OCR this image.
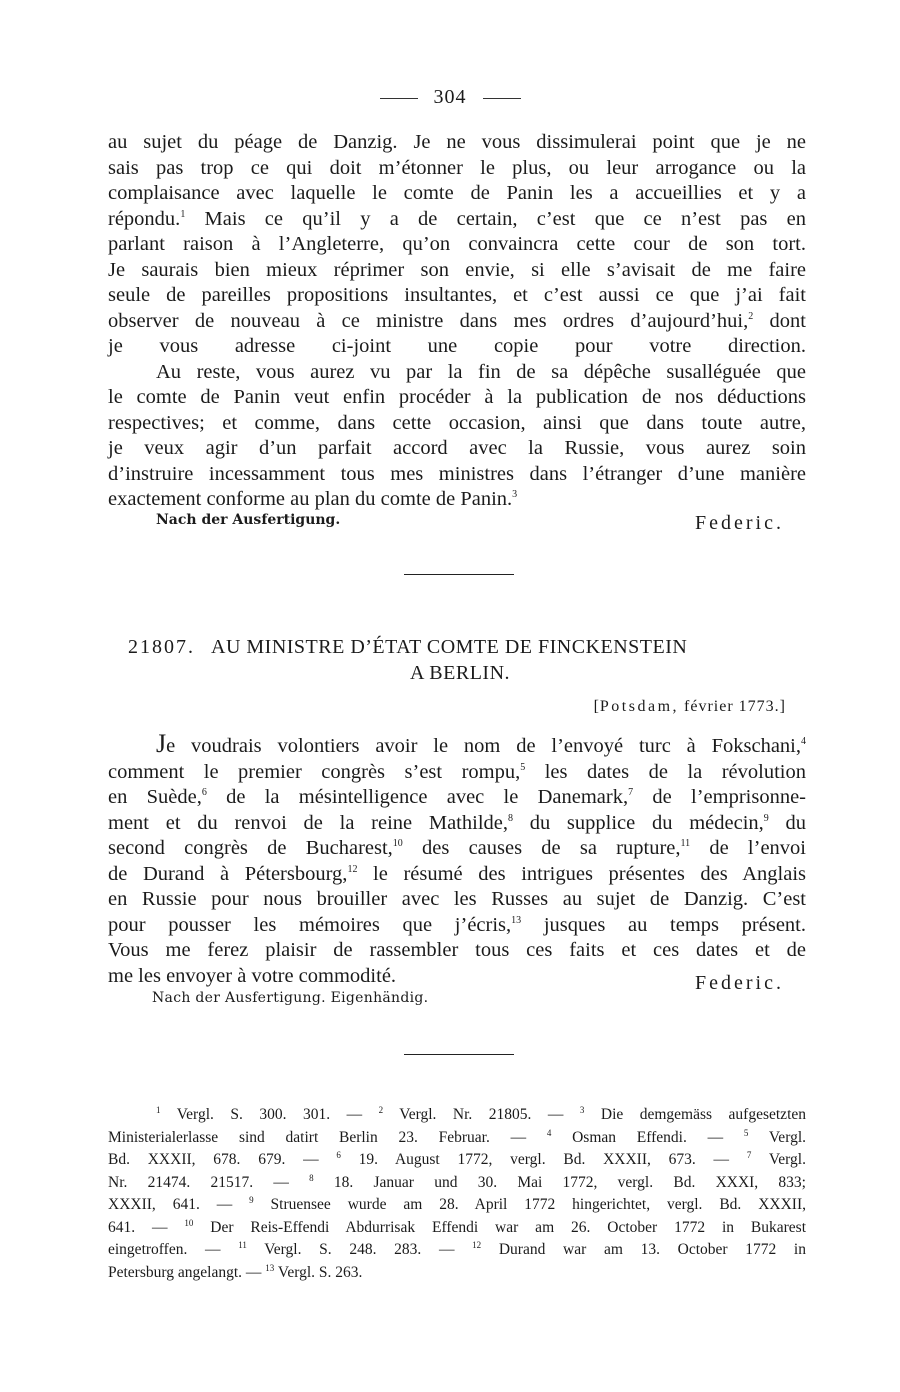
304
au sujet du péage de Danzig. Je ne vous dissimulerai point que je ne
sais pas trop ce qui doit m’étonner le plus, ou leur arrogance ou la
complaisance avec laquelle le comte de Panin les a accueillies et y a
répondu.$^1$ Mais ce qu’il y a de certain, c’est que ce n’est pas en
parlant raison à l’Angleterre, qu’on convaincra cette cour de son tort.
Je saurais bien mieux réprimer son envie, si elle s’avisait de me faire
seule de pareilles propositions insultantes, et c’est aussi ce que j’ai fait
observer de nouveau à ce ministre dans mes ordres d’aujourd’hui,$^2$ dont
je vous adresse ci-joint une copie pour votre direction.
Au reste, vous aurez vu par la fin de sa dépêche susalléguée que
le comte de Panin veut enfin procéder à la publication de nos déductions
respectives; et comme, dans cette occasion, ainsi que dans toute autre,
je veux agir d’un parfait accord avec la Russie, vous aurez soin
d’instruire incessamment tous mes ministres dans l’étranger d’une manière
exactement conforme au plan du comte de Panin.$^3$
Nach der Ausfertigung.	Federic.
21807. AU MINISTRE D’ÉTAT COMTE DE FINCKENSTEIN
A BERLIN.
[Potsdam, février 1773.]
Je voudrais volontiers avoir le nom de l’envoyé turc à Fokschani,$^4$
comment le premier congrès s’est rompu,$^5$ les dates de la révolution
en Suède,$^6$ de la mésintelligence avec le Danemark,$^7$ de l’emprisonne-
ment et du renvoi de la reine Mathilde,$^8$ du supplice du médecin,$^9$ du
second congrès de Bucharest,$^{10}$ des causes de sa rupture,$^{11}$ de l’envoi
de Durand à Pétersbourg,$^{12}$ le résumé des intrigues présentes des Anglais
en Russie pour nous brouiller avec les Russes au sujet de Danzig. C’est
pour pousser les mémoires que j’écris,$^{13}$ jusques au temps présent.
Vous me ferez plaisir de rassembler tous ces faits et ces dates et de
me les envoyer à votre commodité.
Nach der Ausfertigung. Eigenhändig.
Federic.
$^1$ Vergl. S. 300. 301. — $^2$ Vergl. Nr. 21805. — $^3$ Die demgemäss aufgesetzten
Ministerialerlasse sind datirt Berlin 23. Februar. — $^4$ Osman Effendi. — $^5$ Vergl.
Bd. XXXII, 678. 679. — $^6$ 19. August 1772, vergl. Bd. XXXII, 673. — $^7$ Vergl.
Nr. 21474. 21517. — $^8$ 18. Januar und 30. Mai 1772, vergl. Bd. XXXI, 833;
XXXII, 641. — $^9$ Struensee wurde am 28. April 1772 hingerichtet, vergl. Bd. XXXII,
641. — $^{10}$ Der Reis-Effendi Abdurrisak Effendi war am 26. October 1772 in Bukarest
eingetroffen. — $^{11}$ Vergl. S. 248. 283. — $^{12}$ Durand war am 13. October 1772 in
Petersburg angelangt. — $^{13}$ Vergl. S. 263.
